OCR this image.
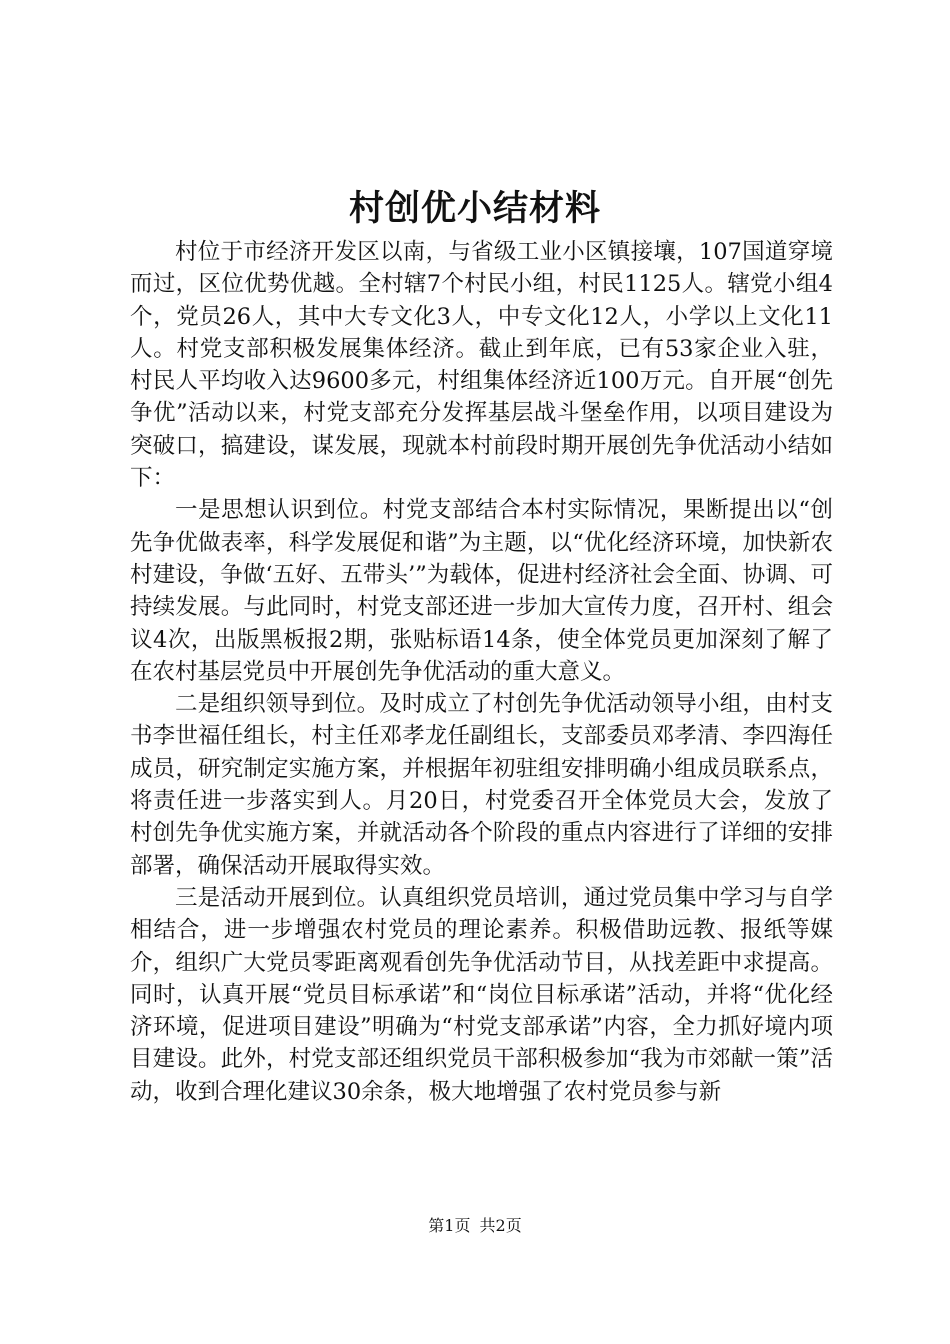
村创优小结材料

村位于市经济开发区以南，与省级工业小区镇接壤，107国道穿境而过，区位优势优越。全村辖7个村民小组，村民1125人。辖党小组4个，党员26人，其中大专文化3人，中专文化12人，小学以上文化11人。村党支部积极发展集体经济。截止到年底，已有53家企业入驻，村民人平均收入达9600多元，村组集体经济近100万元。自开展“创先争优”活动以来，村党支部充分发挥基层战斗堡垒作用，以项目建设为突破口，搞建设，谋发展，现就本村前段时期开展创先争优活动小结如下：

一是思想认识到位。村党支部结合本村实际情况，果断提出以“创先争优做表率，科学发展促和谐”为主题，以“优化经济环境，加快新农村建设，争做‘五好、五带头’”为载体，促进村经济社会全面、协调、可持续发展。与此同时，村党支部还进一步加大宣传力度，召开村、组会议4次，出版黑板报2期，张贴标语14条，使全体党员更加深刻了解了在农村基层党员中开展创先争优活动的重大意义。

二是组织领导到位。及时成立了村创先争优活动领导小组，由村支书李世福任组长，村主任邓孝龙任副组长，支部委员邓孝清、李四海任成员，研究制定实施方案，并根据年初驻组安排明确小组成员联系点，将责任进一步落实到人。月20日，村党委召开全体党员大会，发放了村创先争优实施方案，并就活动各个阶段的重点内容进行了详细的安排部署，确保活动开展取得实效。

三是活动开展到位。认真组织党员培训，通过党员集中学习与自学相结合，进一步增强农村党员的理论素养。积极借助远教、报纸等媒介，组织广大党员零距离观看创先争优活动节目，从找差距中求提高。同时，认真开展“党员目标承诺”和“岗位目标承诺”活动，并将“优化经济环境，促进项目建设”明确为“村党支部承诺”内容，全力抓好境内项目建设。此外，村党支部还组织党员干部积极参加“我为市郊献一策”活动，收到合理化建议30余条，极大地增强了农村党员参与新

第1页 共2页
